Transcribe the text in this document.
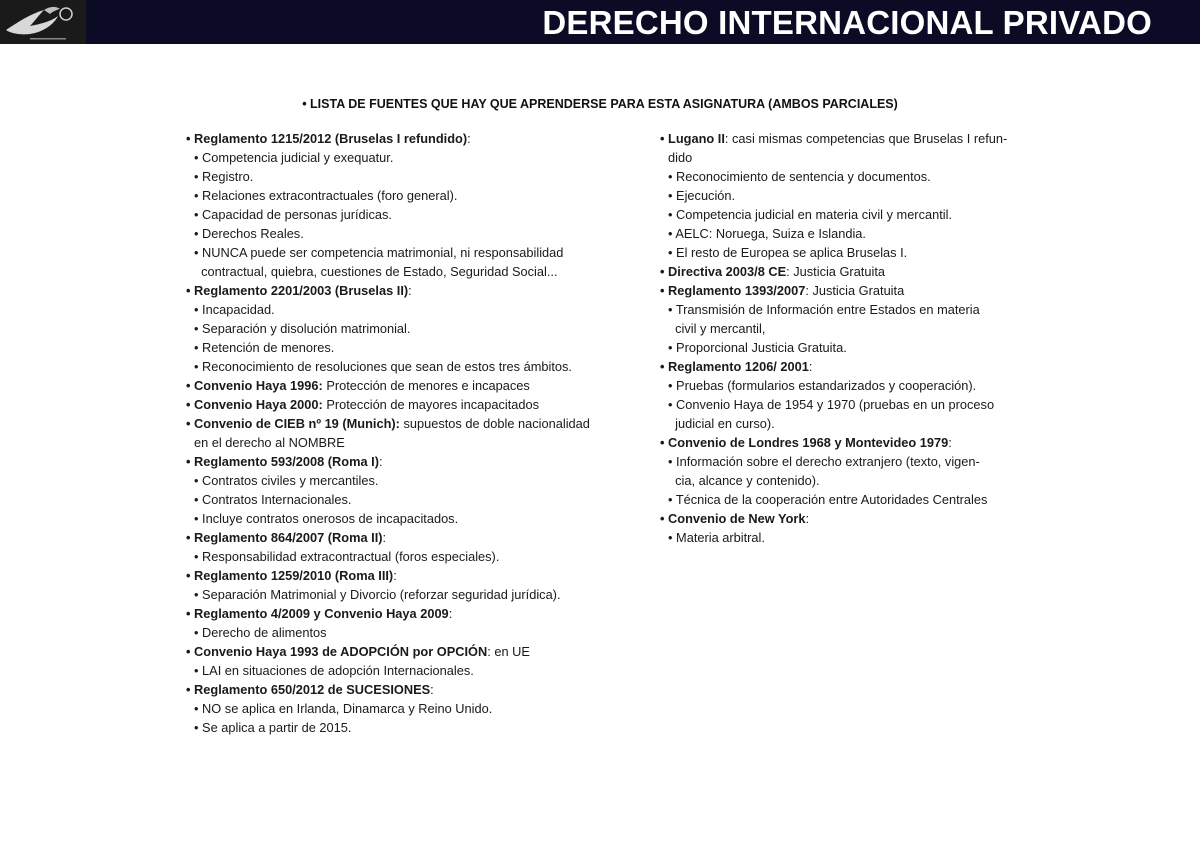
DERECHO INTERNACIONAL PRIVADO
• LISTA DE FUENTES QUE HAY QUE APRENDERSE PARA ESTA ASIGNATURA (AMBOS PARCIALES)
• Reglamento 1215/2012 (Bruselas I refundido):
• Competencia judicial y exequatur.
• Registro.
• Relaciones extracontractuales (foro general).
• Capacidad de personas jurídicas.
• Derechos Reales.
• NUNCA puede ser competencia matrimonial, ni responsabilidad
contractual, quiebra, cuestiones de Estado, Seguridad Social...
• Reglamento 2201/2003 (Bruselas II):
• Incapacidad.
• Separación y disolución matrimonial.
• Retención de menores.
• Reconocimiento de resoluciones que sean de estos tres ámbitos.
• Convenio Haya 1996: Protección de menores e incapaces
• Convenio Haya 2000: Protección de mayores incapacitados
• Convenio de CIEB nº 19 (Munich): supuestos de doble nacionalidad
en el derecho al NOMBRE
• Reglamento 593/2008 (Roma I):
• Contratos civiles y mercantiles.
• Contratos Internacionales.
• Incluye contratos onerosos de incapacitados.
• Reglamento 864/2007 (Roma II):
• Responsabilidad extracontractual (foros especiales).
• Reglamento 1259/2010 (Roma III):
• Separación Matrimonial y Divorcio (reforzar seguridad jurídica).
• Reglamento 4/2009 y Convenio Haya 2009:
• Derecho de alimentos
• Convenio Haya 1993 de ADOPCIÓN por OPCIÓN: en UE
• LAI en situaciones de adopción Internacionales.
• Reglamento 650/2012 de SUCESIONES:
• NO se aplica en Irlanda, Dinamarca y Reino Unido.
• Se aplica a partir de 2015.
• Lugano II: casi mismas competencias que Bruselas I refun-
dido
• Reconocimiento de sentencia y documentos.
• Ejecución.
• Competencia judicial en materia civil y mercantil.
• AELC: Noruega, Suiza e Islandia.
• El resto de Europea se aplica Bruselas I.
• Directiva 2003/8 CE: Justicia Gratuita
• Reglamento 1393/2007: Justicia Gratuita
• Transmisión de Información entre Estados en materia
civil y mercantil,
• Proporcional Justicia Gratuita.
• Reglamento 1206/ 2001:
• Pruebas (formularios estandarizados y cooperación).
• Convenio Haya de 1954 y 1970 (pruebas en un proceso
judicial en curso).
• Convenio de Londres 1968 y Montevideo 1979:
• Información sobre el derecho extranjero (texto, vigen-
cia, alcance y contenido).
• Técnica de la cooperación entre Autoridades Centrales
• Convenio de New York:
• Materia arbitral.
